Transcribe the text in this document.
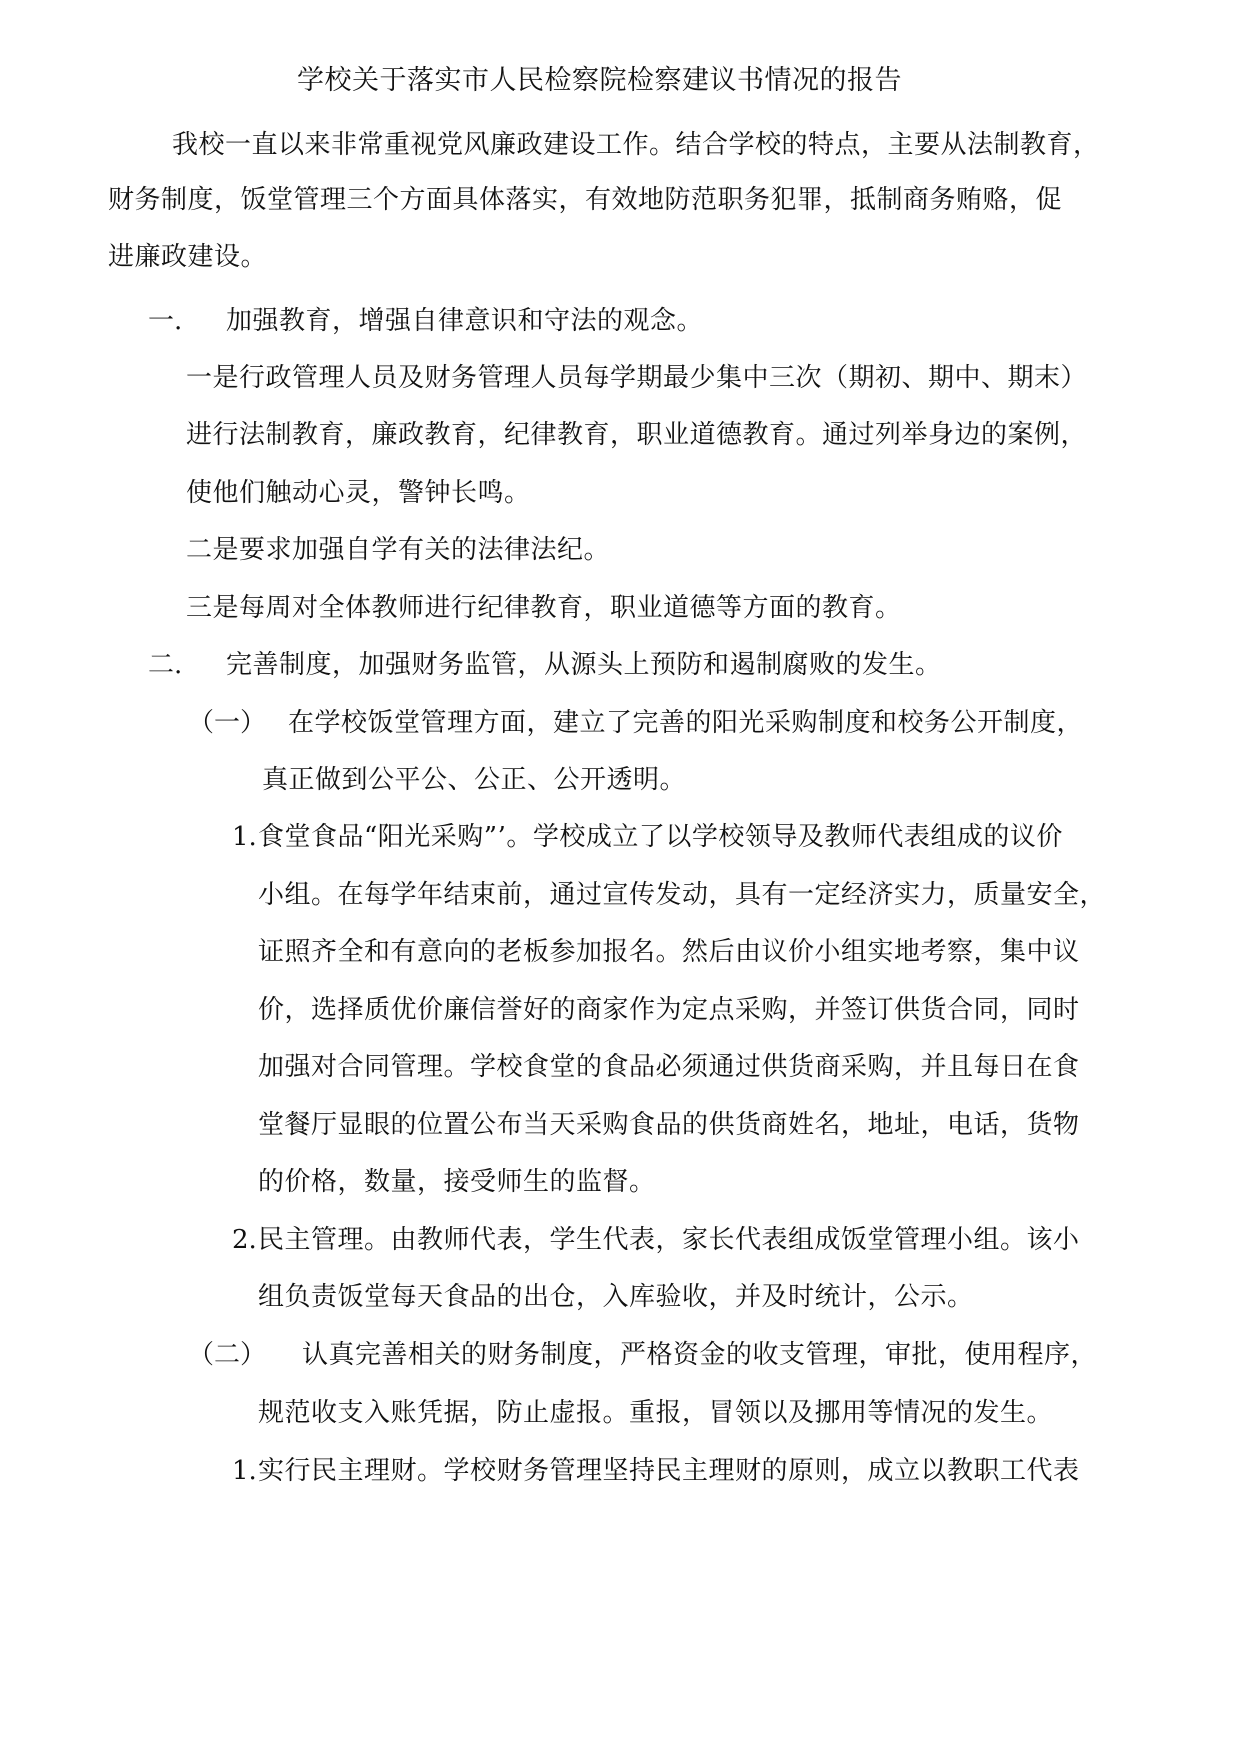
学校关于落实市人民检察院检察建议书情况的报告
我校一直以来非常重视党风廉政建设工作。结合学校的特点，主要从法制教育，
财务制度，饭堂管理三个方面具体落实，有效地防范职务犯罪，抵制商务贿赂，促
进廉政建设。
一. 加强教育，增强自律意识和守法的观念。
一是行政管理人员及财务管理人员每学期最少集中三次（期初、期中、期末）
进行法制教育，廉政教育，纪律教育，职业道德教育。通过列举身边的案例，
使他们触动心灵，警钟长鸣。
二是要求加强自学有关的法律法纪。
三是每周对全体教师进行纪律教育，职业道德等方面的教育。
二. 完善制度，加强财务监管，从源头上预防和遏制腐败的发生。
（一） 在学校饭堂管理方面，建立了完善的阳光采购制度和校务公开制度，
真正做到公平公、公正、公开透明。
1. 食堂食品“阳光采购”’。学校成立了以学校领导及教师代表组成的议价
小组。在每学年结束前，通过宣传发动，具有一定经济实力，质量安全，
证照齐全和有意向的老板参加报名。然后由议价小组实地考察，集中议
价，选择质优价廉信誉好的商家作为定点采购，并签订供货合同，同时
加强对合同管理。学校食堂的食品必须通过供货商采购，并且每日在食
堂餐厅显眼的位置公布当天采购食品的供货商姓名，地址，电话，货物
的价格，数量，接受师生的监督。
2. 民主管理。由教师代表，学生代表，家长代表组成饭堂管理小组。该小
组负责饭堂每天食品的出仓，入库验收，并及时统计，公示。
（二） 认真完善相关的财务制度，严格资金的收支管理，审批，使用程序，
规范收支入账凭据，防止虚报。重报，冒领以及挪用等情况的发生。
1. 实行民主理财。学校财务管理坚持民主理财的原则，成立以教职工代表
